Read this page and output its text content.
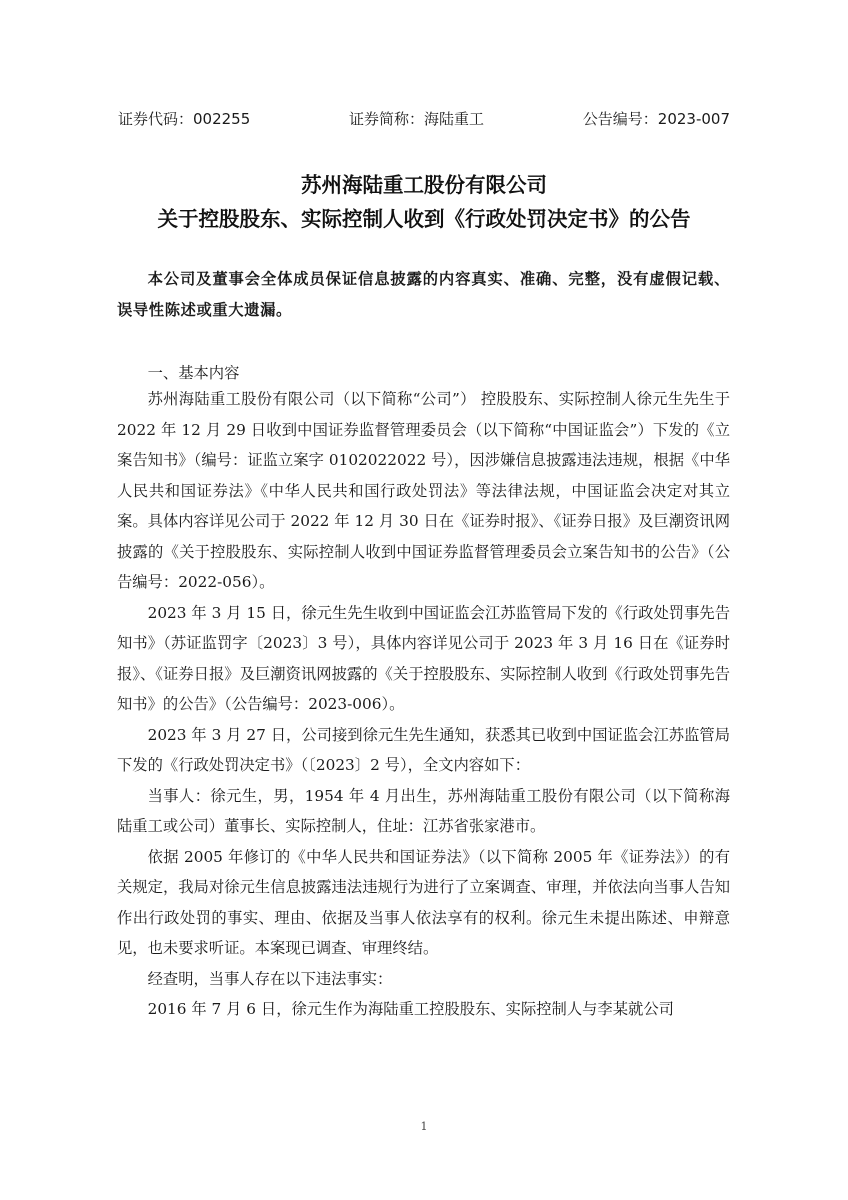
证券代码：002255	证券简称：海陆重工	公告编号：2023-007
苏州海陆重工股份有限公司
关于控股股东、实际控制人收到《行政处罚决定书》的公告

本公司及董事会全体成员保证信息披露的内容真实、准确、完整，没有虚假记载、误导性陈述或重大遗漏。

一、基本内容

苏州海陆重工股份有限公司（以下简称“公司”） 控股股东、实际控制人徐元生先生于 2022 年 12 月 29 日收到中国证券监督管理委员会（以下简称“中国证监会”）下发的《立案告知书》（编号：证监立案字 0102022022 号），因涉嫌信息披露违法违规，根据《中华人民共和国证券法》《中华人民共和国行政处罚法》等法律法规，中国证监会决定对其立案。具体内容详见公司于 2022 年 12 月 30 日在《证券时报》、《证券日报》及巨潮资讯网披露的《关于控股股东、实际控制人收到中国证券监督管理委员会立案告知书的公告》（公告编号：2022-056）。

2023 年 3 月 15 日，徐元生先生收到中国证监会江苏监管局下发的《行政处罚事先告知书》（苏证监罚字〔2023〕3 号），具体内容详见公司于 2023 年 3 月 16 日在《证券时报》、《证券日报》及巨潮资讯网披露的《关于控股股东、实际控制人收到《行政处罚事先告知书》的公告》（公告编号：2023-006）。

2023 年 3 月 27 日，公司接到徐元生先生通知，获悉其已收到中国证监会江苏监管局下发的《行政处罚决定书》（〔2023〕2 号），全文内容如下：

当事人：徐元生，男，1954 年 4 月出生，苏州海陆重工股份有限公司（以下简称海陆重工或公司）董事长、实际控制人，住址：江苏省张家港市。

依据 2005 年修订的《中华人民共和国证券法》（以下简称 2005 年《证券法》）的有关规定，我局对徐元生信息披露违法违规行为进行了立案调查、审理，并依法向当事人告知作出行政处罚的事实、理由、依据及当事人依法享有的权利。徐元生未提出陈述、申辩意见，也未要求听证。本案现已调查、审理终结。

经查明，当事人存在以下违法事实：

2016 年 7 月 6 日，徐元生作为海陆重工控股股东、实际控制人与李某就公司

1
